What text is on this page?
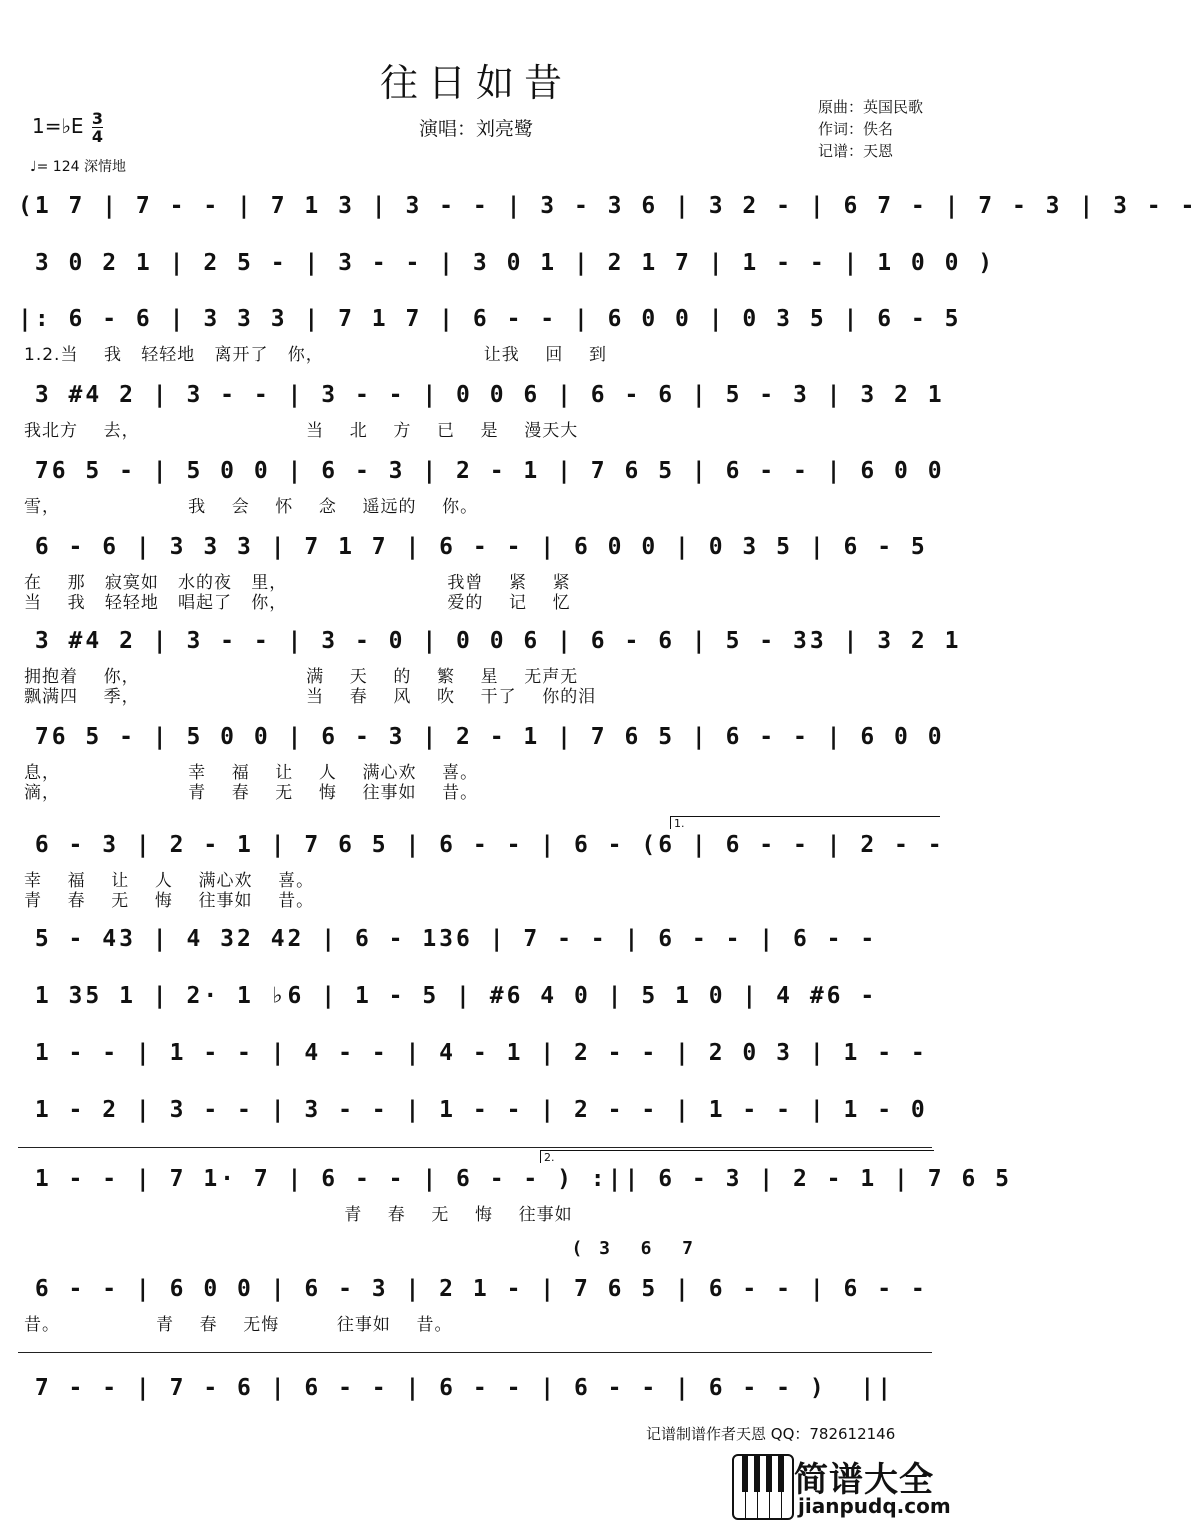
往日如昔
演唱：刘亮鹭
原曲：英国民歌
作词：佚名
记谱：天恩
1=♭E $\frac{3}{4}$
♩= 124 深情地
(1 7 | 7 - - | 7 1 3 | 3 - - | 3 - 3 6 | 3 2 - | 6 7 - | 7 - 3 | 3 - -
3 0 2 1 | 2 5 - | 3 - - | 3 0 1 | 2 1 7 | 1 - - | 1 0 0 )
|: 6 - 6 | 3 3 3 | 7 1 7 | 6 - - | 6 0 0 | 0 3 5 | 6 - 5
1.2.当    我   轻轻地   离开了   你，                         让我    回    到
3 #4 2 | 3 - - | 3 - - | 0 0 6 | 6 - 6 | 5 - 3 | 3 2 1
我北方    去，                          当    北    方    已    是    漫天大
76 5 - | 5 0 0 | 6 - 3 | 2 - 1 | 7 6 5 | 6 - - | 6 0 0
雪，                    我    会    怀    念    遥远的    你。
6 - 6 | 3 3 3 | 7 1 7 | 6 - - | 6 0 0 | 0 3 5 | 6 - 5
在    那   寂寞如   水的夜   里，                         我曾    紧    紧
当    我   轻轻地   唱起了   你，                         爱的    记    忆
3 #4 2 | 3 - - | 3 - 0 | 0 0 6 | 6 - 6 | 5 - 33 | 3 2 1
拥抱着    你，                          满    天    的    繁    星    无声无
飘满四    季，                          当    春    风    吹    干了    你的泪
76 5 - | 5 0 0 | 6 - 3 | 2 - 1 | 7 6 5 | 6 - - | 6 0 0
息，                    幸    福    让    人    满心欢    喜。
滴，                    青    春    无    悔    往事如    昔。
6 - 3 | 2 - 1 | 7 6 5 | 6 - - | 6 - (6 | 6 - - | 2 - -
幸    福    让    人    满心欢    喜。
青    春    无    悔    往事如    昔。
1.
5 - 43 | 4 32 42 | 6 - 136 | 7 - - | 6 - - | 6 - -
1 35 1 | 2· 1 ♭6 | 1 - 5 | #6 4 0 | 5 1 0 | 4 #6 -
1 - - | 1 - - | 4 - - | 4 - 1 | 2 - - | 2 0 3 | 1 - -
1 - 2 | 3 - - | 3 - - | 1 - - | 2 - - | 1 - - | 1 - 0
1 - - | 7 1· 7 | 6 - - | 6 - - ) :|| 6 - 3 | 2 - 1 | 7 6 5
青    春    无    悔    往事如
2.
( 3  6  7
6 - - | 6 0 0 | 6 - 3 | 2 1 - | 7 6 5 | 6 - - | 6 - -
昔。               青    春    无悔         往事如    昔。
7 - - | 7 - 6 | 6 - - | 6 - - | 6 - - | 6 - - )  ||
记谱制谱作者天恩 QQ：782612146
简谱大全
jianpudq.com
